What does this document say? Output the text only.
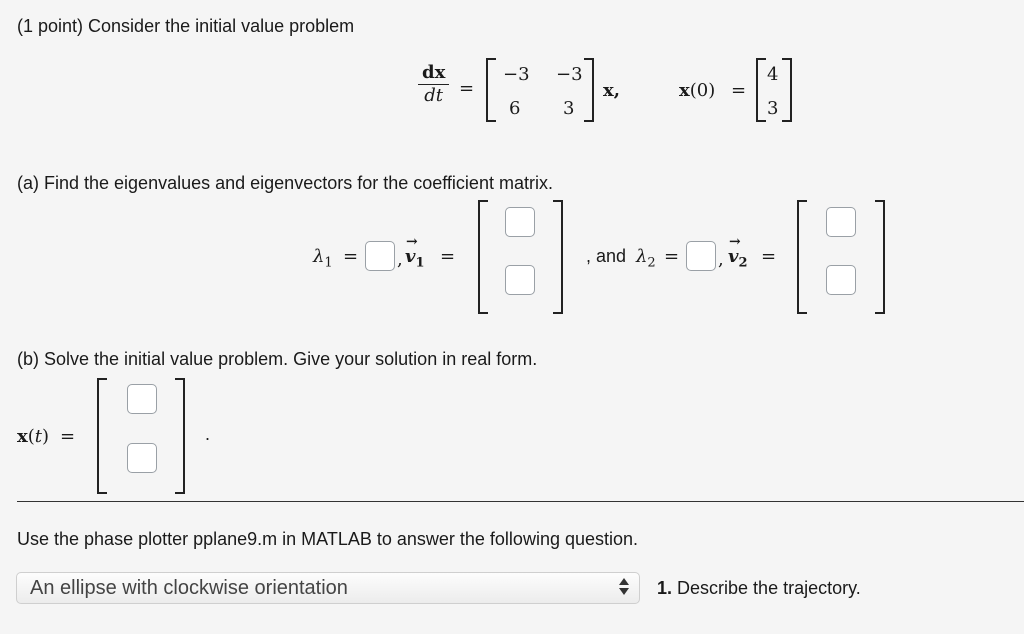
(1 point) Consider the initial value problem
$\frac{dx}{dt}$ =
−3 −3
6 3
x,	x(0) =
4
3
(a) Find the eigenvalues and eigenvectors for the coefficient matrix.
$\lambda_1$ = ,
→
$v_1$ =	, and $\lambda_2$ = ,
→
$v_2$ =
(b) Solve the initial value problem. Give your solution in real form.
x(t) =	.
Use the phase plotter pplane9.m in MATLAB to answer the following question.
An ellipse with clockwise orientation	1. Describe the trajectory.
